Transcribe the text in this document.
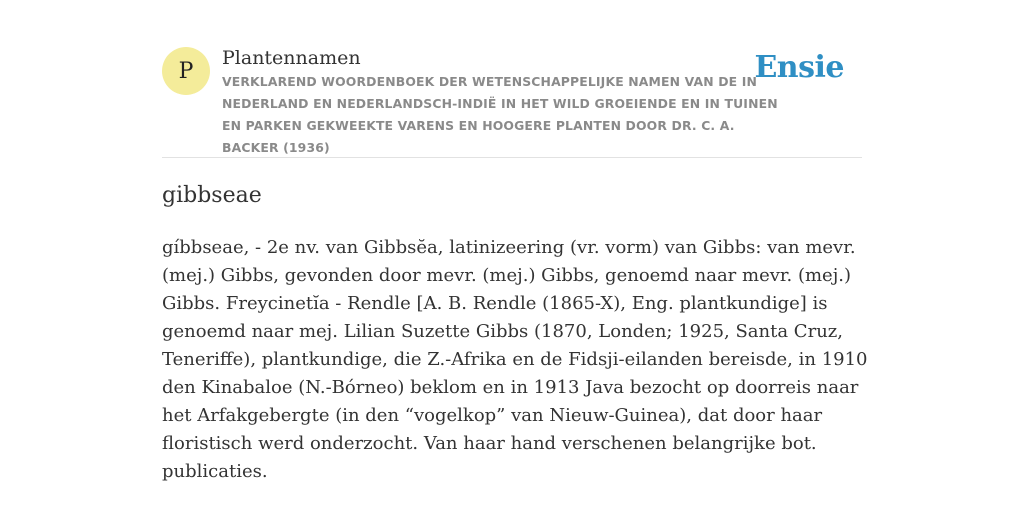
P
Plantennamen
VERKLAREND WOORDENBOEK DER WETENSCHAPPELIJKE NAMEN VAN DE IN NEDERLAND EN NEDERLANDSCH-INDIË IN HET WILD GROEIENDE EN IN TUINEN EN PARKEN GEKWEEKTE VARENS EN HOOGERE PLANTEN DOOR DR. C. A. BACKER (1936)
Ensie
gibbseae

gíbbseae, - 2e nv. van Gibbsĕa, latinizeering (vr. vorm) van Gibbs: van mevr. (mej.) Gibbs, gevonden door mevr. (mej.) Gibbs, genoemd naar mevr. (mej.) Gibbs. Freycinetĭa - Rendle [A. B. Rendle (1865-X), Eng. plantkundige] is genoemd naar mej. Lilian Suzette Gibbs (1870, Londen; 1925, Santa Cruz, Teneriffe), plantkundige, die Z.-Afrika en de Fidsji-eilanden bereisde, in 1910 den Kinabaloe (N.-Bórneo) beklom en in 1913 Java bezocht op doorreis naar het Arfakgebergte (in den “vogelkop” van Nieuw-Guinea), dat door haar floristisch werd onderzocht. Van haar hand verschenen belangrijke bot. publicaties.
